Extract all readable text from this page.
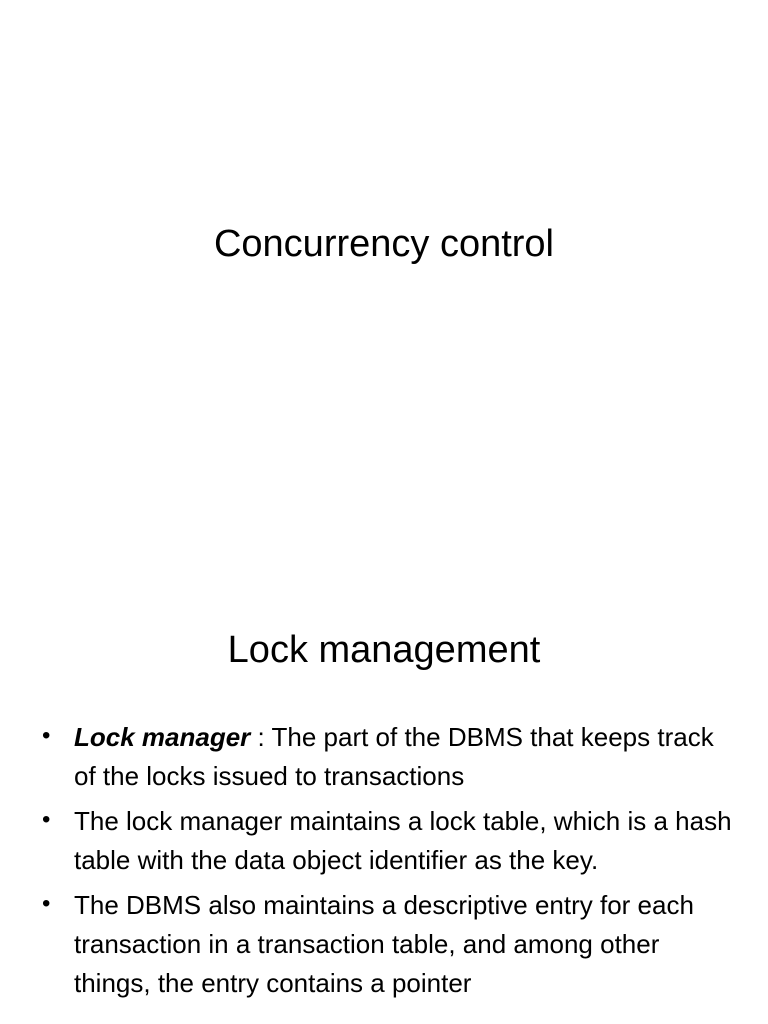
Concurrency control
Lock management
• Lock manager : The part of the DBMS that keeps track of the locks issued to transactions
• The lock manager maintains a lock table, which is a hash table with the data object identifier as the key.
• The DBMS also maintains a descriptive entry for each transaction in a transaction table, and among other things, the entry contains a pointer
